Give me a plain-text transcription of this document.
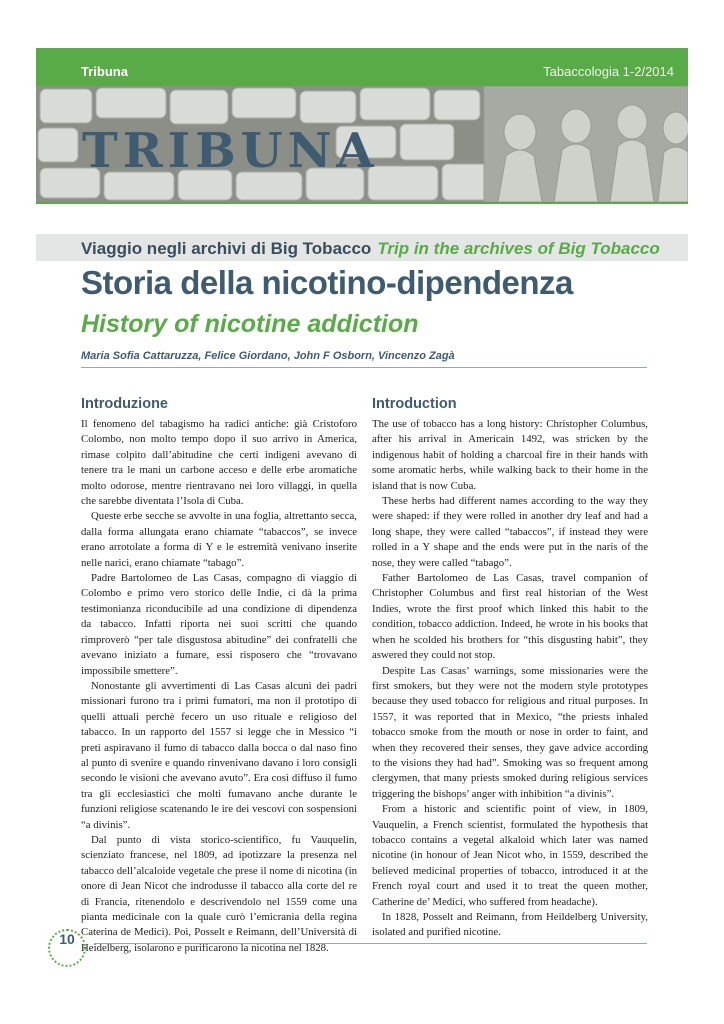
Tribuna	Tabaccologia 1-2/2014
TRIBUNA
Viaggio negli archivi di Big Tobacco Trip in the archives of Big Tobacco
Storia della nicotino-dipendenza
History of nicotine addiction
Maria Sofia Cattaruzza, Felice Giordano, John F Osborn, Vincenzo Zagà
Introduzione

Il fenomeno del tabagismo ha radici antiche: già Cristoforo Colombo, non molto tempo dopo il suo arrivo in America, rimase colpito dall’abitudine che certi indigeni avevano di tenere tra le mani un carbone acceso e delle erbe aromatiche molto odorose, mentre rientravano nei loro villaggi, in quella che sarebbe diventata l’Isola di Cuba.

Queste erbe secche se avvolte in una foglia, altrettanto secca, dalla forma allungata erano chiamate “tabaccos”, se invece erano arrotolate a forma di Y e le estremità venivano inserite nelle narici, erano chiamate “tabago”.

Padre Bartolomeo de Las Casas, compagno di viaggio di Colombo e primo vero storico delle Indie, ci dà la prima testimonianza riconducibile ad una condizione di dipendenza da tabacco. Infatti riporta nei suoi scritti che quando rimproverò “per tale disgustosa abitudine” dei confratelli che avevano iniziato a fumare, essi risposero che “trovavano impossibile smettere”.

Nonostante gli avvertimenti di Las Casas alcuni dei padri missionari furono tra i primi fumatori, ma non il prototipo di quelli attuali perchè fecero un uso rituale e religioso del tabacco. In un rapporto del 1557 si legge che in Messico “i preti aspiravano il fumo di tabacco dalla bocca o dal naso fino al punto di svenire e quando rinvenivano davano i loro consigli secondo le visioni che avevano avuto”. Era così diffuso il fumo tra gli ecclesiastici che molti fumavano anche durante le funzioni religiose scatenando le ire dei vescovi con sospensioni “a divinis”.

Dal punto di vista storico-scientifico, fu Vauquelin, scienziato francese, nel 1809, ad ipotizzare la presenza nel tabacco dell’alcaloide vegetale che prese il nome di nicotina (in onore di Jean Nicot che indrodusse il tabacco alla corte del re di Francia, ritenendolo e descrivendolo nel 1559 come una pianta medicinale con la quale curò l’emicrania della regina Caterina de Medici). Poi, Posselt e Reimann, dell’Università di Heidelberg, isolarono e purificarono la nicotina nel 1828.

Introduction

The use of tobacco has a long history: Christopher Columbus, after his arrival in Americain 1492, was stricken by the indigenous habit of holding a charcoal fire in their hands with some aromatic herbs, while walking back to their home in the island that is now Cuba.

These herbs had different names according to the way they were shaped: if they were rolled in another dry leaf and had a long shape, they were called “tabaccos”, if instead they were rolled in a Y shape and the ends were put in the naris of the nose, they were called “tabago”.

Father Bartolomeo de Las Casas, travel companion of Christopher Columbus and first real historian of the West Indies, wrote the first proof which linked this habit to the condition, tobacco addiction. Indeed, he wrote in his books that when he scolded his brothers for “this disgusting habit”, they aswered they could not stop.

Despite Las Casas’ warnings, some missionaries were the first smokers, but they were not the modern style prototypes because they used tobacco for religious and ritual purposes. In 1557, it was reported that in Mexico, “the priests inhaled tobacco smoke from the mouth or nose in order to faint, and when they recovered their senses, they gave advice according to the visions they had had”. Smoking was so frequent among clergymen, that many priests smoked during religious services triggering the bishops’ anger with inhibition “a divinis”.

From a historic and scientific point of view, in 1809, Vauquelin, a French scientist, formulated the hypothesis that tobacco contains a vegetal alkaloid which later was named nicotine (in honour of Jean Nicot who, in 1559, described the believed medicinal properties of tobacco, introduced it at the French royal court and used it to treat the queen mother, Catherine de’ Medici, who suffered from headache).

In 1828, Posselt and Reimann, from Heildelberg University, isolated and purified nicotine.

10
